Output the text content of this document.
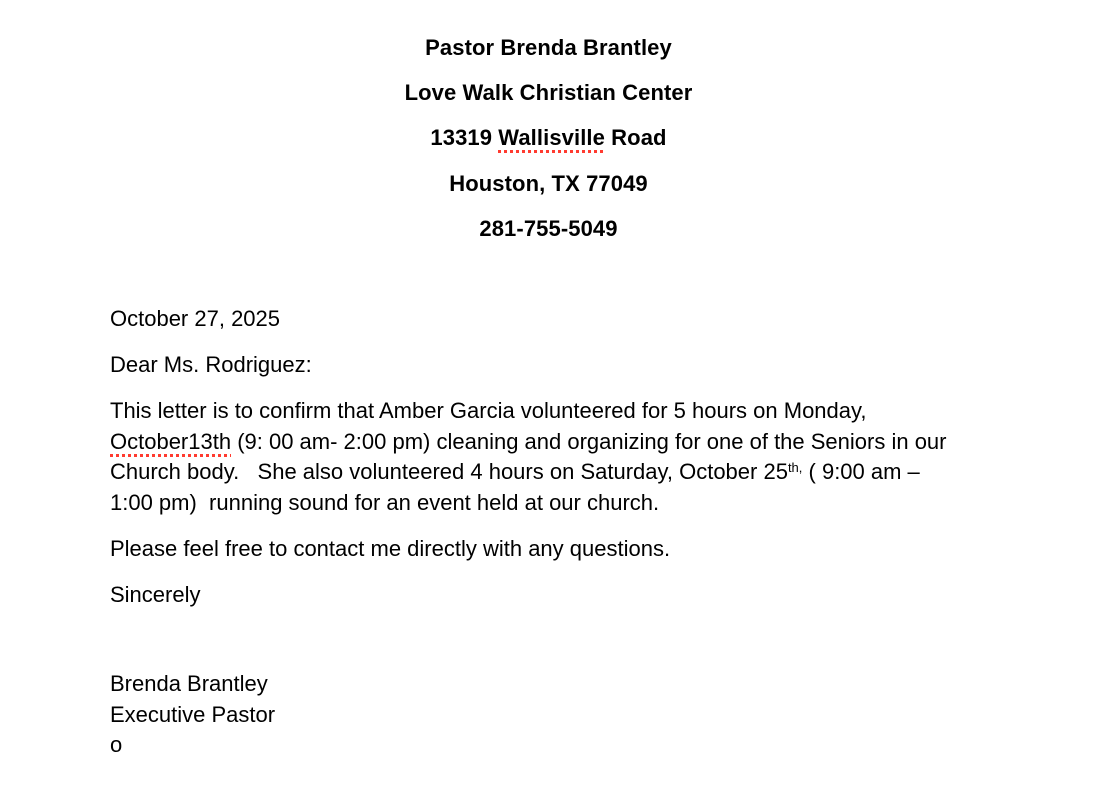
Pastor Brenda Brantley
Love Walk Christian Center
13319 Wallisville Road
Houston, TX 77049
281-755-5049
October 27, 2025
Dear Ms. Rodriguez:
This letter is to confirm that Amber Garcia volunteered for 5 hours on Monday,
October13th (9: 00 am- 2:00 pm) cleaning and organizing for one of the Seniors in our
Church body.   She also volunteered 4 hours on Saturday, October $25^{th,}$ ( 9:00 am –
1:00 pm)  running sound for an event held at our church.
Please feel free to contact me directly with any questions.
Sincerely
Brenda Brantley
Executive Pastor
o
